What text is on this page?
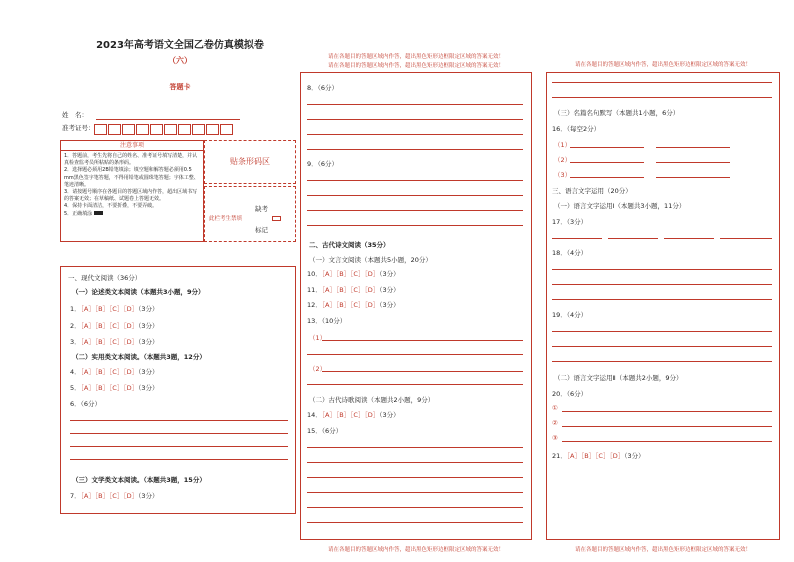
2023年高考语文全国乙卷仿真模拟卷
（六）
答题卡
姓　名：
准考证号：
注意事项
1．答题前，考生先将自己的姓名、准考证号填写清楚，并认真检查监考员所粘贴的条形码。
2．选择题必须用2B铅笔填涂；填空题和解答题必须用0.5 mm黑色签字笔答题，不得用铅笔或圆珠笔答题；字体工整、笔迹清晰。
3．请按题号顺序在各题目的答题区域内作答，超出区域书写的答案无效；在草稿纸、试题卷上答题无效。
4．保持卡面清洁，不要折叠，不要弄破。
5．正确填涂
贴条形码区
缺考
此栏考生禁填
标记
一、现代文阅读（36分）
（一）论述类文本阅读（本题共3小题，9分）
1．［A］［B］［C］［D］（3分）
2．［A］［B］［C］［D］（3分）
3．［A］［B］［C］［D］（3分）
（二）实用类文本阅读。（本题共3题，12分）
4．［A］［B］［C］［D］（3分）
5．［A］［B］［C］［D］（3分）
6．（6分）
（三）文学类文本阅读。（本题共3题，15分）
7．［A］［B］［C］［D］（3分）
请在各题目的答题区域内作答，超出黑色矩形边框限定区域的答案无效！
请在各题目的答题区域内作答，超出黑色矩形边框限定区域的答案无效！
8．（6分）
9．（6分）
二、古代诗文阅读（35分）
（一）文言文阅读（本题共5小题，20分）
10．［A］［B］［C］［D］（3分）
11．［A］［B］［C］［D］（3分）
12．［A］［B］［C］［D］（3分）
13．（10分）
（1）
（2）
（二）古代诗歌阅读（本题共2小题，9分）
14．［A］［B］［C］［D］（3分）
15．（6分）
请在各题目的答题区域内作答，超出黑色矩形边框限定区域的答案无效！
请在各题目的答题区域内作答，超出黑色矩形边框限定区域的答案无效！
（三）名篇名句默写（本题共1小题，6分）
16．（每空2分）
（1）
（2）
（3）
三、语言文字运用（20分）
（一）语言文字运用Ⅰ（本题共3小题，11分）
17．（3分）
18．（4分）
19．（4分）
（二）语言文字运用Ⅱ（本题共2小题，9分）
20．（6分）
①
②
③
21．［A］［B］［C］［D］（3分）
请在各题目的答题区域内作答，超出黑色矩形边框限定区域的答案无效！
